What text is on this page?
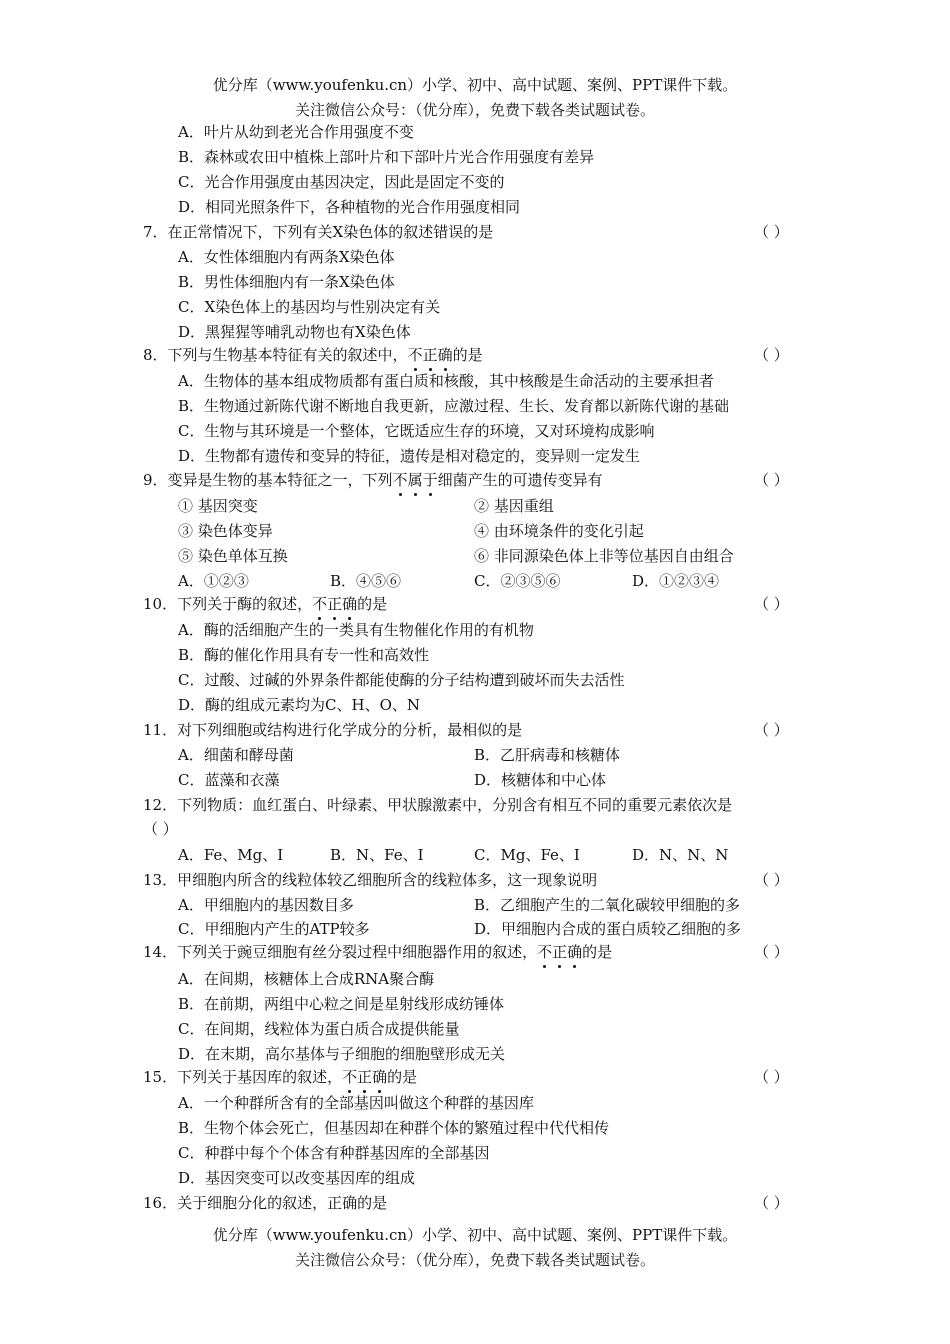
优分库（www.youfenku.cn）小学、初中、高中试题、案例、PPT课件下载。
关注微信公众号：（优分库），免费下载各类试题试卷。
A．叶片从幼到老光合作用强度不变
B．森林或农田中植株上部叶片和下部叶片光合作用强度有差异
C．光合作用强度由基因决定，因此是固定不变的
D．相同光照条件下，各种植物的光合作用强度相同
7．在正常情况下，下列有关X染色体的叙述错误的是	（ ）
A．女性体细胞内有两条X染色体
B．男性体细胞内有一条X染色体
C．X染色体上的基因均与性别决定有关
D．黑猩猩等哺乳动物也有X染色体
8．下列与生物基本特征有关的叙述中，不正确的是	（ ）
A．生物体的基本组成物质都有蛋白质和核酸，其中核酸是生命活动的主要承担者
B．生物通过新陈代谢不断地自我更新，应激过程、生长、发育都以新陈代谢的基础
C．生物与其环境是一个整体，它既适应生存的环境，又对环境构成影响
D．生物都有遗传和变异的特征，遗传是相对稳定的，变异则一定发生
9．变异是生物的基本特征之一，下列不属于细菌产生的可遗传变异有	（ ）
① 基因突变	② 基因重组
③ 染色体变异	④ 由环境条件的变化引起
⑤ 染色单体互换	⑥ 非同源染色体上非等位基因自由组合
A．①②③	B．④⑤⑥	C．②③⑤⑥	D．①②③④
10．下列关于酶的叙述，不正确的是	（ ）
A．酶的活细胞产生的一类具有生物催化作用的有机物
B．酶的催化作用具有专一性和高效性
C．过酸、过碱的外界条件都能使酶的分子结构遭到破坏而失去活性
D．酶的组成元素均为C、H、O、N
11．对下列细胞或结构进行化学成分的分析，最相似的是	（ ）
A．细菌和酵母菌	B．乙肝病毒和核糖体
C．蓝藻和衣藻	D．核糖体和中心体
12．下列物质：血红蛋白、叶绿素、甲状腺激素中，分别含有相互不同的重要元素依次是
（ ）
A．Fe、Mg、I	B．N、Fe、I	C．Mg、Fe、I	D．N、N、N
13．甲细胞内所含的线粒体较乙细胞所含的线粒体多，这一现象说明	（ ）
A．甲细胞内的基因数目多	B．乙细胞产生的二氧化碳较甲细胞的多
C．甲细胞内产生的ATP较多	D．甲细胞内合成的蛋白质较乙细胞的多
14．下列关于豌豆细胞有丝分裂过程中细胞器作用的叙述，不正确的是	（ ）
A．在间期，核糖体上合成RNA聚合酶
B．在前期，两组中心粒之间是星射线形成纺锤体
C．在间期，线粒体为蛋白质合成提供能量
D．在末期，高尔基体与子细胞的细胞壁形成无关
15．下列关于基因库的叙述，不正确的是	（ ）
A．一个种群所含有的全部基因叫做这个种群的基因库
B．生物个体会死亡，但基因却在种群个体的繁殖过程中代代相传
C．种群中每个个体含有种群基因库的全部基因
D．基因突变可以改变基因库的组成
16．关于细胞分化的叙述，正确的是	（ ）
优分库（www.youfenku.cn）小学、初中、高中试题、案例、PPT课件下载。
关注微信公众号：（优分库），免费下载各类试题试卷。
